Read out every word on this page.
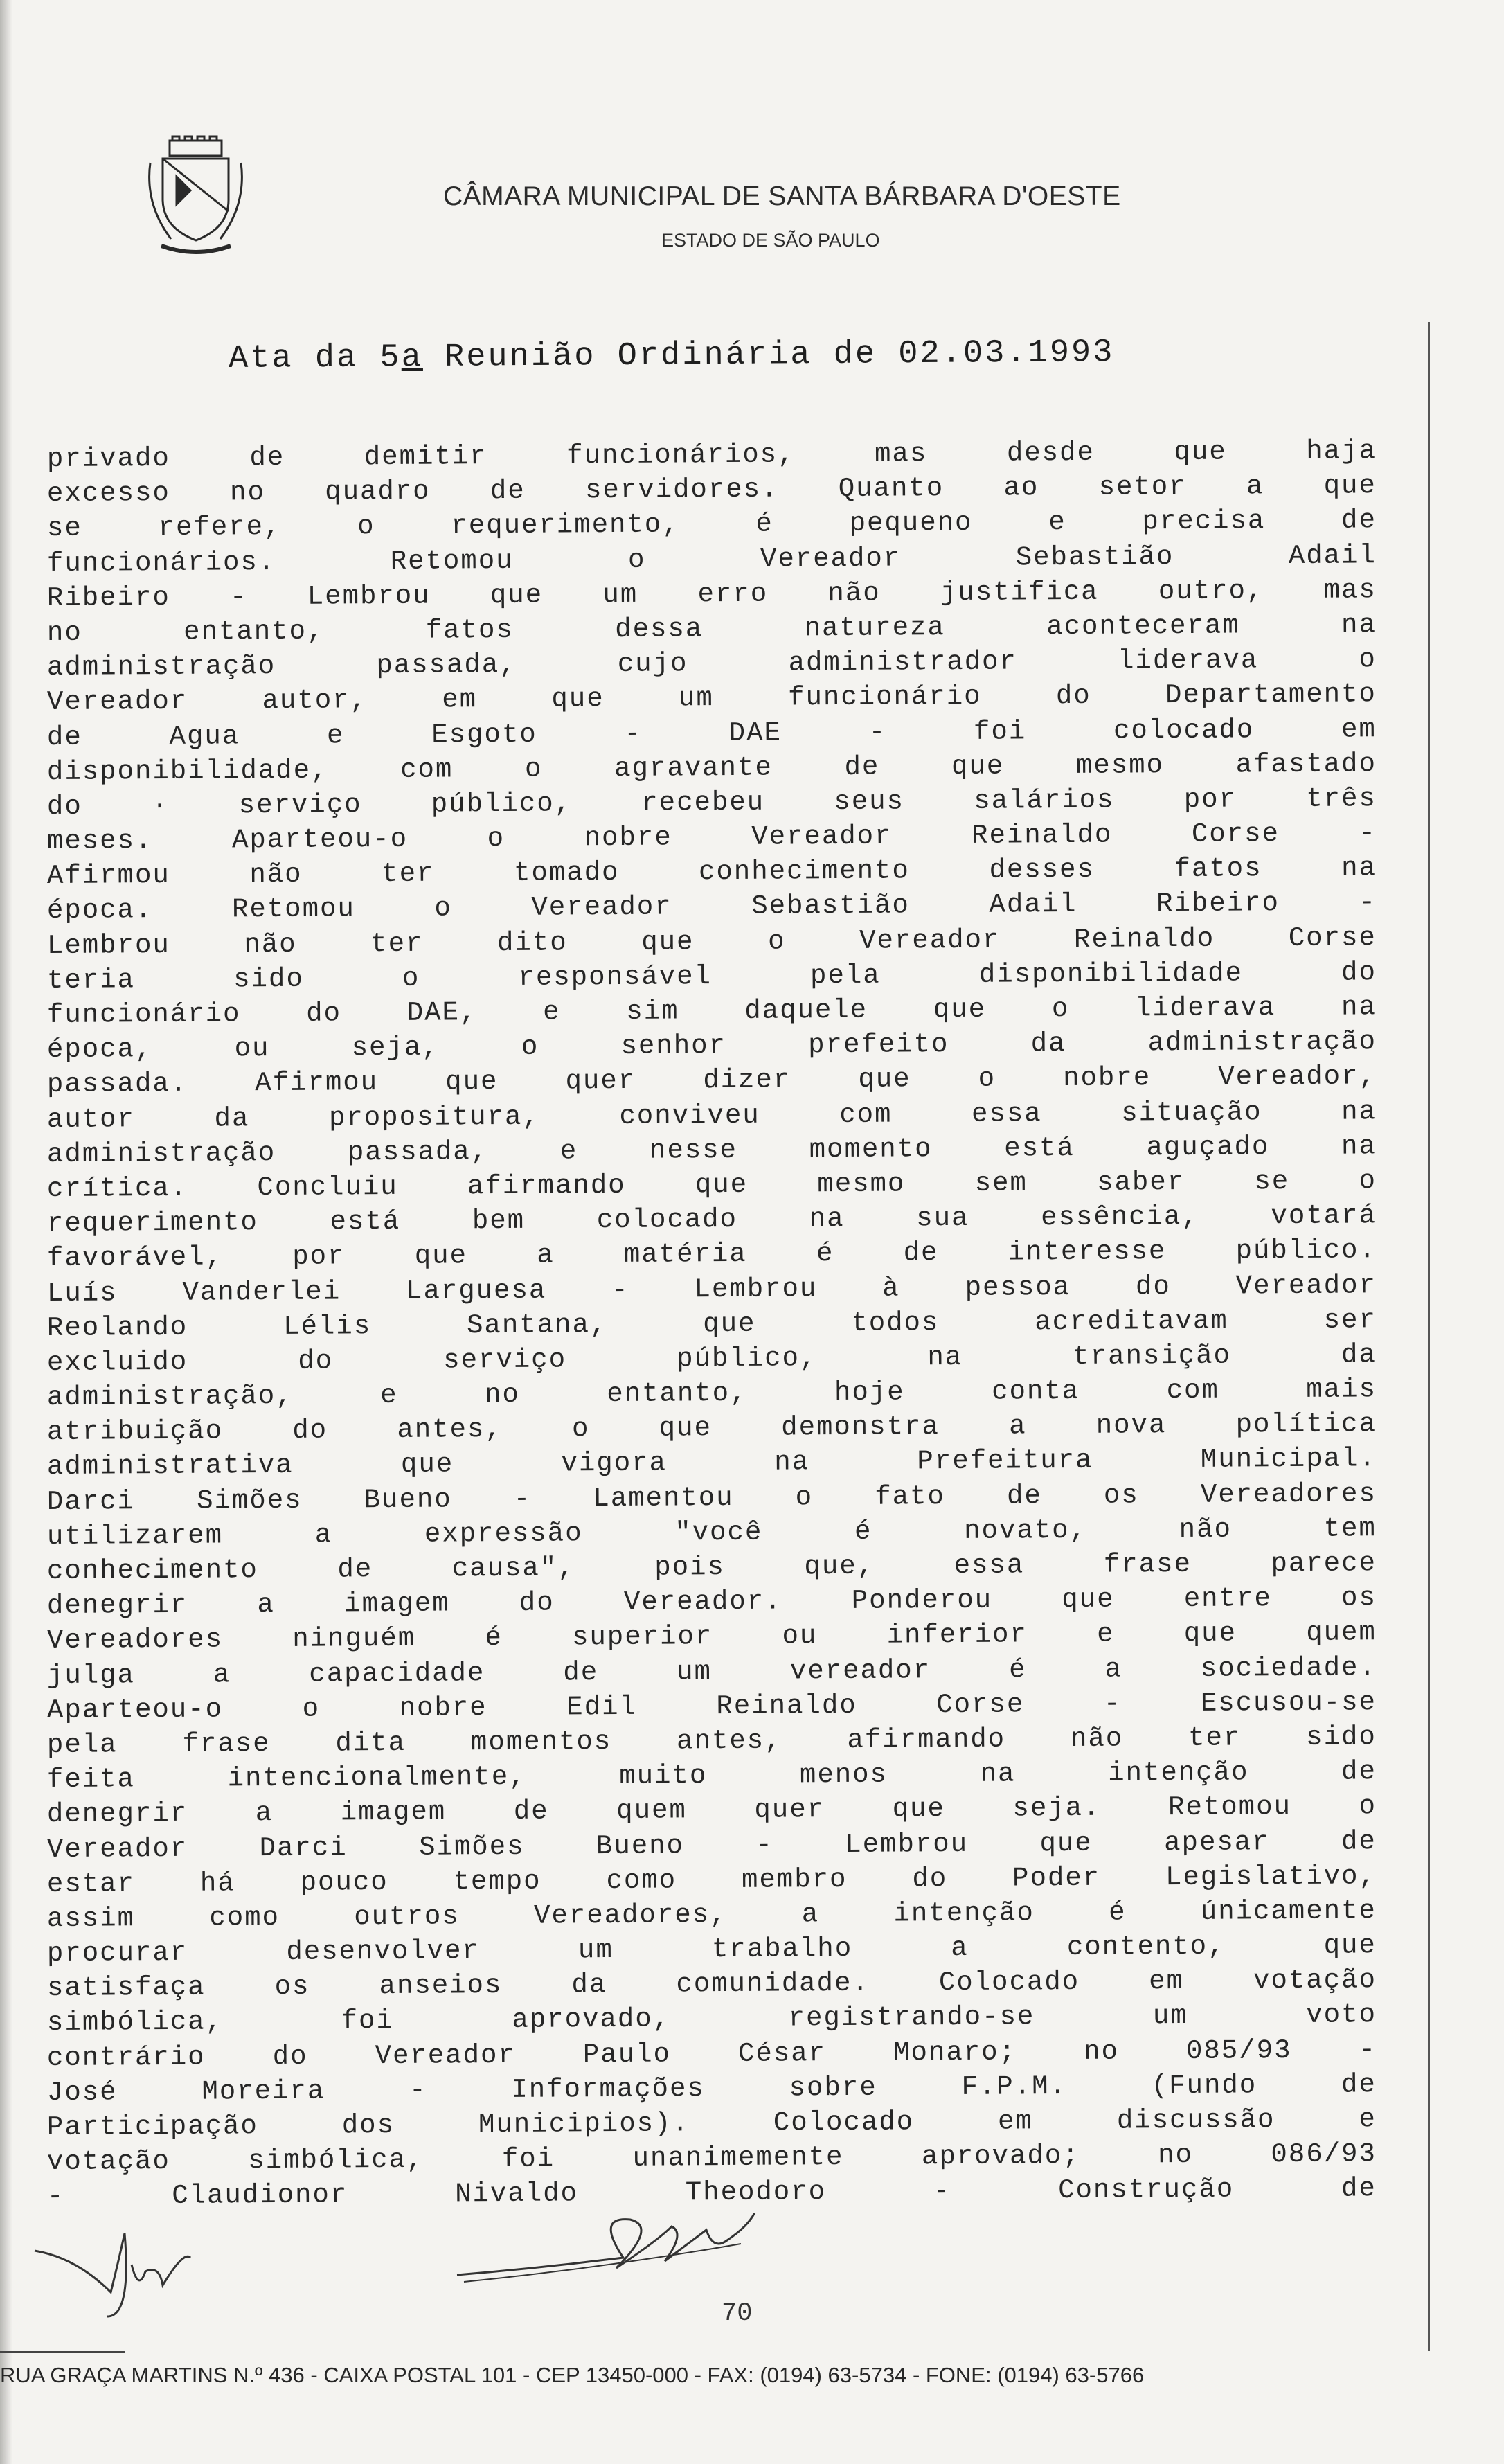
CÂMARA MUNICIPAL DE SANTA BÁRBARA D'OESTE
ESTADO DE SÃO PAULO
Ata da 5a Reunião Ordinária de 02.03.1993
privado	de	demitir	funcionários,	mas	desde	que	haja
excesso no quadro de servidores. Quanto ao setor a que
se	refere,	o	requerimento,	é	pequeno	e	precisa	de
funcionários.	Retomou	o	Vereador	Sebastião	Adail
Ribeiro - Lembrou que um erro não justifica outro, mas
no	entanto,	fatos	dessa	natureza	aconteceram	na
administração	passada,	cujo	administrador	liderava	o
Vereador	autor,	em	que	um	funcionário	do	Departamento
de	Agua	e	Esgoto	-	DAE	-	foi	colocado	em
disponibilidade,	com	o	agravante	de	que	mesmo	afastado
do	·	serviço	público,	recebeu	seus	salários	por	três
meses.	Aparteou-o	o	nobre	Vereador	Reinaldo	Corse	-
Afirmou	não	ter	tomado	conhecimento	desses	fatos	na
época.	Retomou	o	Vereador	Sebastião	Adail	Ribeiro	-
Lembrou	não	ter	dito	que	o	Vereador	Reinaldo	Corse
teria	sido	o	responsável	pela	disponibilidade	do
funcionário do DAE, e sim daquele que o liderava na
época,	ou	seja,	o	senhor	prefeito	da	administração
passada. Afirmou que quer dizer que o nobre Vereador,
autor	da	propositura,	conviveu	com	essa	situação	na
administração	passada,	e	nesse	momento	está	aguçado	na
crítica.	Concluiu	afirmando	que	mesmo	sem	saber	se	o
requerimento	está	bem	colocado	na	sua	essência,	votará
favorável,	por	que	a	matéria	é	de	interesse	público.
Luís Vanderlei Larguesa - Lembrou à pessoa do Vereador
Reolando	Lélis	Santana,	que	todos	acreditavam	ser
excluido	do	serviço	público,	na	transição	da
administração,	e	no	entanto,	hoje	conta	com	mais
atribuição	do	antes,	o	que	demonstra	a	nova	política
administrativa	que	vigora	na	Prefeitura	Municipal.
Darci Simões Bueno - Lamentou o fato de os Vereadores
utilizarem	a	expressão	"você	é	novato,	não	tem
conhecimento	de	causa",	pois	que,	essa	frase	parece
denegrir	a	imagem	do	Vereador.	Ponderou	que	entre	os
Vereadores	ninguém	é	superior	ou	inferior	e	que	quem
julga	a	capacidade	de	um	vereador	é	a	sociedade.
Aparteou-o	o	nobre	Edil	Reinaldo	Corse	-	Escusou-se
pela frase dita momentos antes, afirmando não ter sido
feita	intencionalmente,	muito	menos	na	intenção	de
denegrir a imagem de quem quer que seja. Retomou o
Vereador	Darci	Simões	Bueno	-	Lembrou	que	apesar	de
estar há pouco tempo como membro do Poder Legislativo,
assim	como	outros	Vereadores,	a	intenção	é	únicamente
procurar	desenvolver	um	trabalho	a	contento,	que
satisfaça	os	anseios	da	comunidade.	Colocado	em	votação
simbólica,	foi	aprovado,	registrando-se	um	voto
contrário do Vereador Paulo César Monaro; no 085/93 -
José	Moreira	-	Informações	sobre	F.P.M.	(Fundo	de
Participação	dos	Municipios).	Colocado	em	discussão	e
votação	simbólica,	foi	unanimemente	aprovado;	no	086/93
-	Claudionor	Nivaldo	Theodoro	-	Construção	de
70
RUA GRAÇA MARTINS N.º 436 - CAIXA POSTAL 101 - CEP 13450-000 - FAX: (0194) 63-5734 - FONE: (0194) 63-5766
